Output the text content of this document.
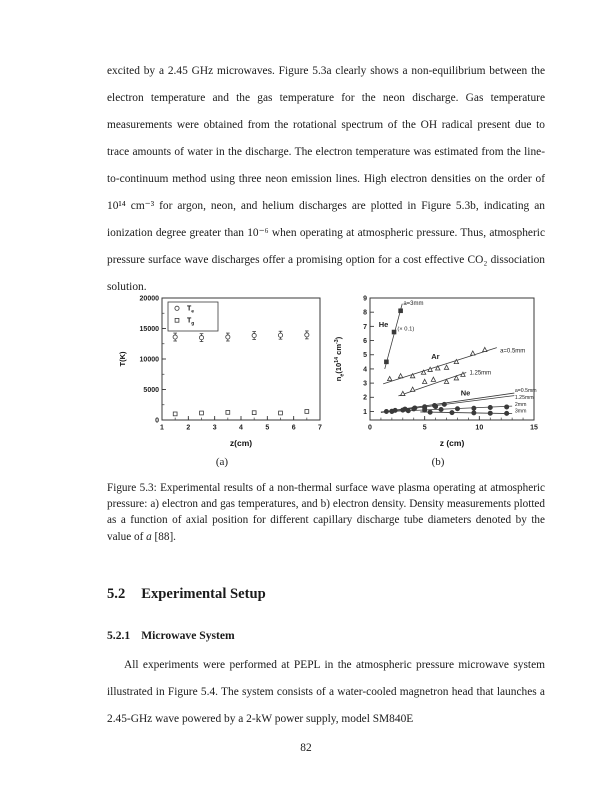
excited by a 2.45 GHz microwaves. Figure 5.3a clearly shows a non-equilibrium between the electron temperature and the gas temperature for the neon discharge. Gas temperature measurements were obtained from the rotational spectrum of the OH radical present due to trace amounts of water in the discharge. The electron temperature was estimated from the line-to-continuum method using three neon emission lines. High electron densities on the order of 10¹⁴ cm⁻³ for argon, neon, and helium discharges are plotted in Figure 5.3b, indicating an ionization degree greater than 10⁻⁶ when operating at atmospheric pressure. Thus, atmospheric pressure surface wave discharges offer a promising option for a cost effective CO₂ dissociation solution.
1	2	3	4	5	6	7
0
5000
10000
15000
20000
z(cm)
T(K)
$T_e$
$T_g$
(a)
0	5	10	15
1
2
3
4
5
6
7
8
9
z (cm)
$n_e(10^{14}$ $cm^{-3}$)
a=3mm
He
(× 0.1)
Ar
a=0.5mm
1.25mm
Ne	a=0.5mm
1.25mm
2mm
3mm
(b)
Figure 5.3: Experimental results of a non-thermal surface wave plasma operating at atmospheric pressure: a) electron and gas temperatures, and b) electron density. Density measurements plotted as a function of axial position for different capillary discharge tube diameters denoted by the value of a [88].
5.2 Experimental Setup
5.2.1 Microwave System
All experiments were performed at PEPL in the atmospheric pressure microwave system illustrated in Figure 5.4. The system consists of a water-cooled magnetron head that launches a 2.45-GHz wave powered by a 2-kW power supply, model SM840E
82
